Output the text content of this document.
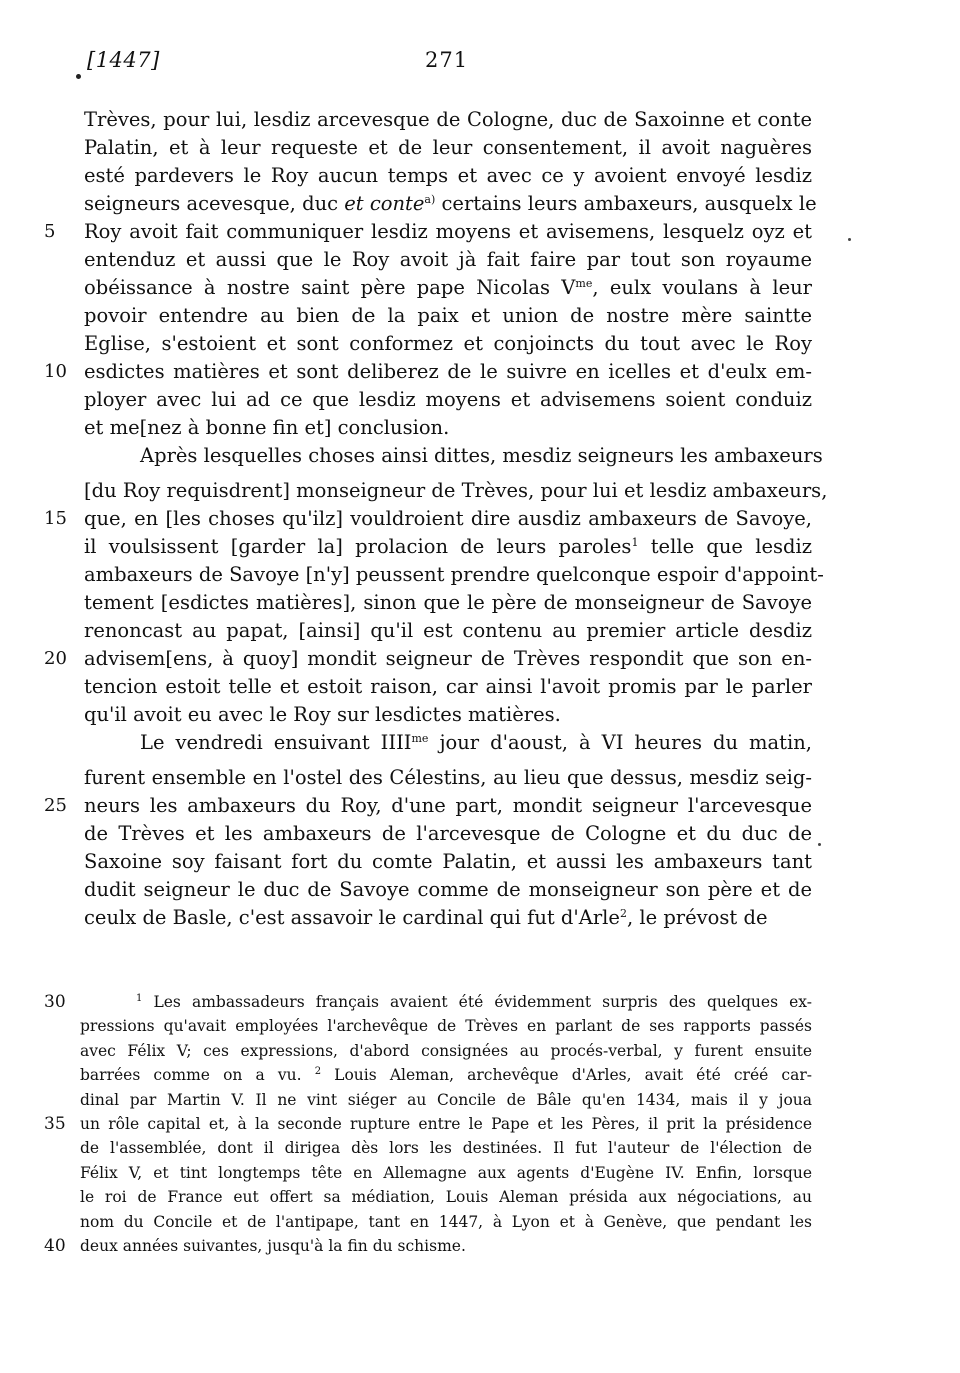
[1447]	271
Trèves, pour lui, lesdiz arcevesque de Cologne, duc de Saxoinne et conte
Palatin, et à leur requeste et de leur consentement, il avoit naguères
esté pardevers le Roy aucun temps et avec ce y avoient envoyé lesdiz
seigneurs acevesque, duc et conte$^{a)}$ certains leurs ambaxeurs, ausquelx le
Roy avoit fait communiquer lesdiz moyens et avisemens, lesquelz oyz et
entenduz et aussi que le Roy avoit jà fait faire par tout son royaume
obéissance à nostre saint père pape Nicolas $V^{me}$, eulx voulans à leur
povoir entendre au bien de la paix et union de nostre mère saintte
Eglise, s'estoient et sont conformez et conjoincts du tout avec le Roy
esdictes matières et sont deliberez de le suivre en icelles et d'eulx em-
ployer avec lui ad ce que lesdiz moyens et advisemens soient conduiz
et me[nez à bonne fin et] conclusion.
Après lesquelles choses ainsi dittes, mesdiz seigneurs les ambaxeurs
[du Roy requisdrent] monseigneur de Trèves, pour lui et lesdiz ambaxeurs,
que, en [les choses qu'ilz] vouldroient dire ausdiz ambaxeurs de Savoye,
il voulsissent [garder la] prolacion de leurs paroles$^1$ telle que lesdiz
ambaxeurs de Savoye [n'y] peussent prendre quelconque espoir d'appoint-
tement [esdictes matières], sinon que le père de monseigneur de Savoye
renoncast au papat, [ainsi] qu'il est contenu au premier article desdiz
advisem[ens, à quoy] mondit seigneur de Trèves respondit que son en-
tencion estoit telle et estoit raison, car ainsi l'avoit promis par le parler
qu'il avoit eu avec le Roy sur lesdictes matières.
Le vendredi ensuivant $IIII^{me}$ jour d'aoust, à VI heures du matin,
furent ensemble en l'ostel des Célestins, au lieu que dessus, mesdiz seig-
neurs les ambaxeurs du Roy, d'une part, mondit seigneur l'arcevesque
de Trèves et les ambaxeurs de l'arcevesque de Cologne et du duc de
Saxoine soy faisant fort du comte Palatin, et aussi les ambaxeurs tant
dudit seigneur le duc de Savoye comme de monseigneur son père et de
ceulx de Basle, c'est assavoir le cardinal qui fut d'Arle$^2$, le prévost de
5
10
15
20
25
$^1$ Les ambassadeurs français avaient été évidemment surpris des quelques ex-
pressions qu'avait employées l'archevêque de Trèves en parlant de ses rapports passés
avec Félix V; ces expressions, d'abord consignées au procés-verbal, y furent ensuite
barrées comme on a vu. $^2$ Louis Aleman, archevêque d'Arles, avait été créé car-
dinal par Martin V. Il ne vint siéger au Concile de Bâle qu'en 1434, mais il y joua
un rôle capital et, à la seconde rupture entre le Pape et les Pères, il prit la présidence
de l'assemblée, dont il dirigea dès lors les destinées. Il fut l'auteur de l'élection de
Félix V, et tint longtemps tête en Allemagne aux agents d'Eugène IV. Enfin, lorsque
le roi de France eut offert sa médiation, Louis Aleman présida aux négociations, au
nom du Concile et de l'antipape, tant en 1447, à Lyon et à Genève, que pendant les
deux années suivantes, jusqu'à la fin du schisme.
30
35
40
